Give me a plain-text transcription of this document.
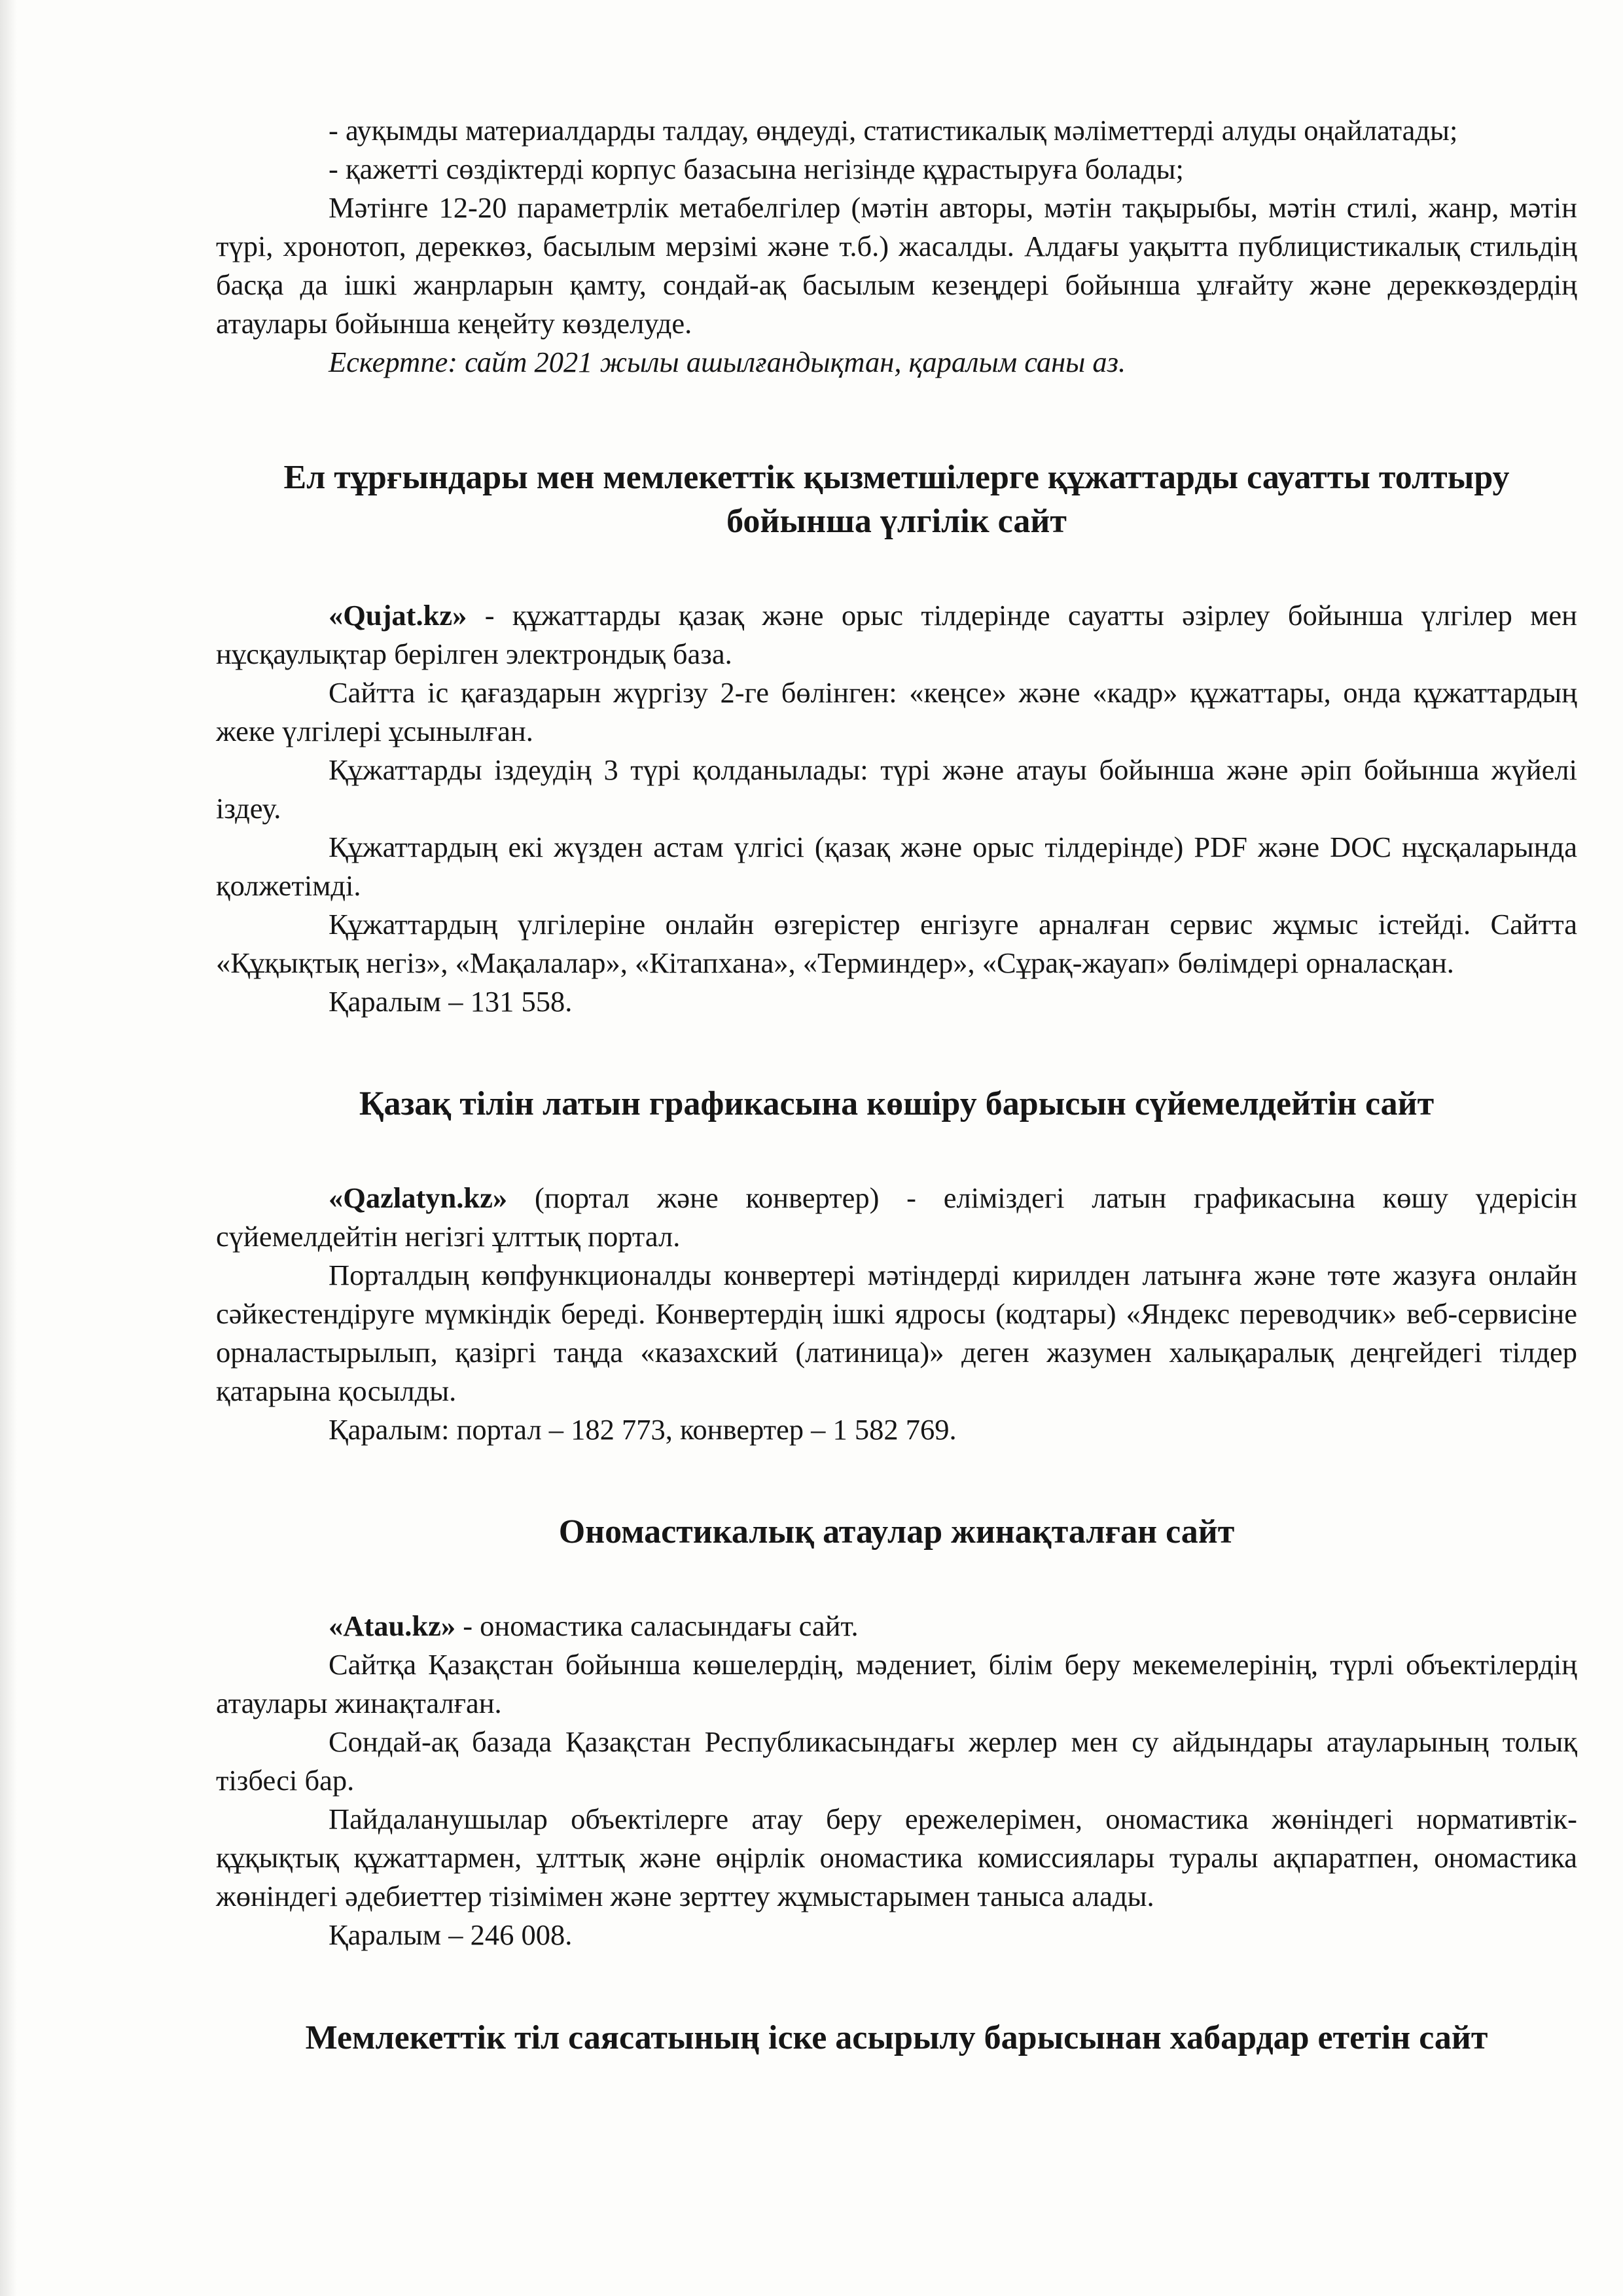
- ауқымды материалдарды талдау, өңдеуді, статистикалық мәліметтерді алуды оңайлатады;

- қажетті сөздіктерді корпус базасына негізінде құрастыруға болады;

Мәтінге 12-20 параметрлік метабелгілер (мәтін авторы, мәтін тақырыбы, мәтін стилі, жанр, мәтін түрі, хронотоп, дереккөз, басылым мерзімі және т.б.) жасалды. Алдағы уақытта публицистикалық стильдің басқа да ішкі жанрларын қамту, сондай-ақ басылым кезеңдері бойынша ұлғайту және дереккөздердің атаулары бойынша кеңейту көзделуде.

Ескертпе: сайт 2021 жылы ашылғандықтан, қаралым саны аз.

Ел тұрғындары мен мемлекеттік қызметшілерге құжаттарды сауатты толтыру бойынша үлгілік сайт

«Qujat.kz» - құжаттарды қазақ және орыс тілдерінде сауатты әзірлеу бойынша үлгілер мен нұсқаулықтар берілген электрондық база.

Сайтта іс қағаздарын жүргізу 2-ге бөлінген: «кеңсе» және «кадр» құжаттары, онда құжаттардың жеке үлгілері ұсынылған.

Құжаттарды іздеудің 3 түрі қолданылады: түрі және атауы бойынша және әріп бойынша жүйелі іздеу.

Құжаттардың екі жүзден астам үлгісі (қазақ және орыс тілдерінде) PDF және DOC нұсқаларында қолжетімді.

Құжаттардың үлгілеріне онлайн өзгерістер енгізуге арналған сервис жұмыс істейді. Сайтта «Құқықтық негіз», «Мақалалар», «Кітапхана», «Терминдер», «Сұрақ-жауап» бөлімдері орналасқан.

Қаралым – 131 558.

Қазақ тілін латын графикасына көшіру барысын сүйемелдейтін сайт

«Qazlatyn.kz» (портал және конвертер) - еліміздегі латын графикасына көшу үдерісін сүйемелдейтін негізгі ұлттық портал.

Порталдың көпфункционалды конвертері мәтіндерді кирилден латынға және төте жазуға онлайн сәйкестендіруге мүмкіндік береді. Конвертердің ішкі ядросы (кодтары) «Яндекс переводчик» веб-сервисіне орналастырылып, қазіргі таңда «казахский (латиница)» деген жазумен халықаралық деңгейдегі тілдер қатарына қосылды.

Қаралым: портал – 182 773, конвертер – 1 582 769.

Ономастикалық атаулар жинақталған сайт

«Atau.kz» - ономастика саласындағы сайт.

Сайтқа Қазақстан бойынша көшелердің, мәдениет, білім беру мекемелерінің, түрлі объектілердің атаулары жинақталған.

Сондай-ақ базада Қазақстан Республикасындағы жерлер мен су айдындары атауларының толық тізбесі бар.

Пайдаланушылар объектілерге атау беру ережелерімен, ономастика жөніндегі нормативтік-құқықтық құжаттармен, ұлттық және өңірлік ономастика комиссиялары туралы ақпаратпен, ономастика жөніндегі әдебиеттер тізімімен және зерттеу жұмыстарымен таныса алады.

Қаралым – 246 008.

Мемлекеттік тіл саясатының іске асырылу барысынан хабардар ететін сайт
